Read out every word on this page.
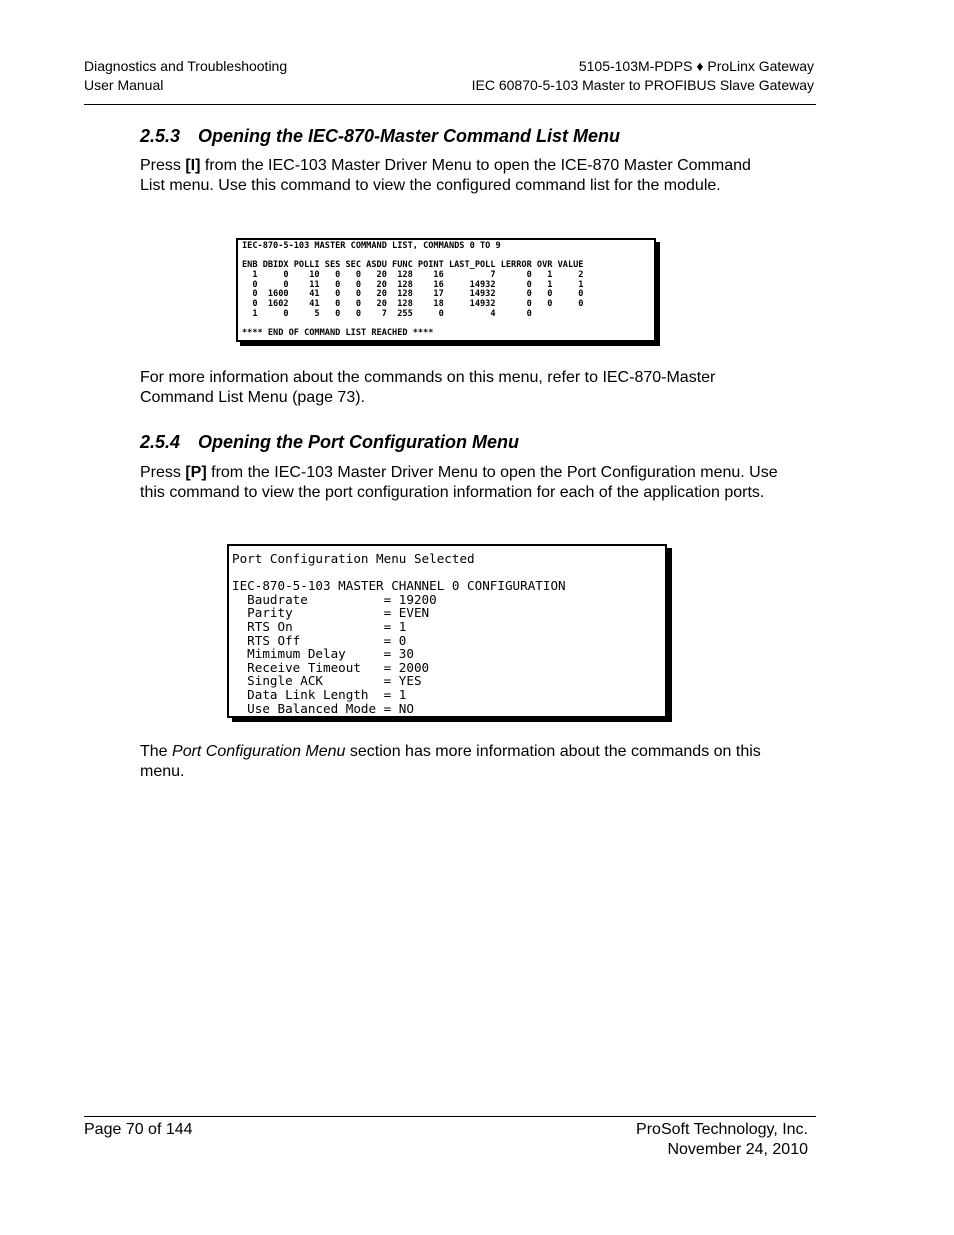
Diagnostics and Troubleshooting
User Manual
5105-103M-PDPS ♦ ProLinx Gateway
IEC 60870-5-103 Master to PROFIBUS Slave Gateway
2.5.3 Opening the IEC-870-Master Command List Menu
Press [I] from the IEC-103 Master Driver Menu to open the ICE-870 Master Command List menu. Use this command to view the configured command list for the module.
IEC-870-5-103 MASTER COMMAND LIST, COMMANDS 0 TO 9
ENB DBIDX POLLI SES SEC ASDU FUNC POINT LAST_POLL LERROR OVR VALUE
1     0    10   0   0   20  128    16         7      0   1     2
0     0    11   0   0   20  128    16     14932      0   1     1
0  1600    41   0   0   20  128    17     14932      0   0     0
0  1602    41   0   0   20  128    18     14932      0   0     0
1     0     5   0   0    7  255     0         4      0
**** END OF COMMAND LIST REACHED ****
For more information about the commands on this menu, refer to IEC-870-Master Command List Menu (page 73).
2.5.4 Opening the Port Configuration Menu
Press [P] from the IEC-103 Master Driver Menu to open the Port Configuration menu. Use this command to view the port configuration information for each of the application ports.
Port Configuration Menu Selected
IEC-870-5-103 MASTER CHANNEL 0 CONFIGURATION
Baudrate          = 19200
Parity            = EVEN
RTS On            = 1
RTS Off           = 0
Mimimum Delay     = 30
Receive Timeout   = 2000
Single ACK        = YES
Data Link Length  = 1
Use Balanced Mode = NO
The Port Configuration Menu section has more information about the commands on this menu.
Page 70 of 144	ProSoft Technology, Inc.
November 24, 2010
